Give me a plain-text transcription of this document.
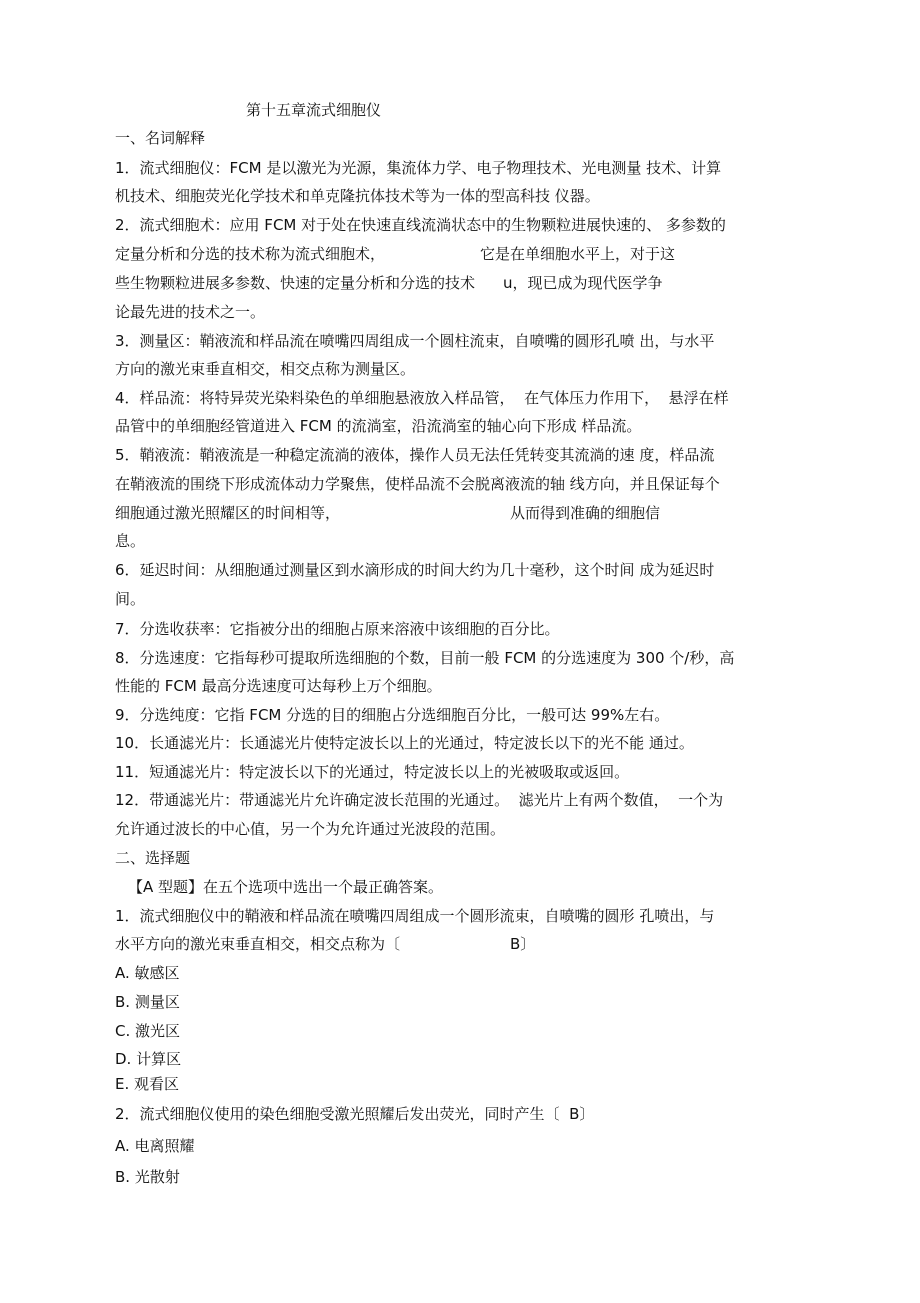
第十五章流式细胞仪
一、名词解释
1．流式细胞仪：FCM 是以激光为光源，集流体力学、电子物理技术、光电测量 技术、计算
机技术、细胞荧光化学技术和单克隆抗体技术等为一体的型高科技 仪器。
2．流式细胞术：应用 FCM 对于处在快速直线流淌状态中的生物颗粒进展快速的、 多参数的
定量分析和分选的技术称为流式细胞术，	它是在单细胞水平上，对于这
些生物颗粒进展多参数、快速的定量分析和分选的技术 u，现已成为现代医学争
论最先进的技术之一。
3．测量区：鞘液流和样品流在喷嘴四周组成一个圆柱流束，自喷嘴的圆形孔喷 出，与水平
方向的激光束垂直相交，相交点称为测量区。
4．样品流：将特异荧光染料染色的单细胞悬液放入样品管，  在气体压力作用下，  悬浮在样
品管中的单细胞经管道进入 FCM 的流淌室，沿流淌室的轴心向下形成 样品流。
5．鞘液流：鞘液流是一种稳定流淌的液体，操作人员无法任凭转变其流淌的速 度，样品流
在鞘液流的围绕下形成流体动力学聚焦，使样品流不会脱离液流的轴 线方向，并且保证每个
细胞通过激光照耀区的时间相等，	从而得到准确的细胞信
息。
6．延迟时间：从细胞通过测量区到水滴形成的时间大约为几十毫秒，这个时间 成为延迟时
间。
7．分选收获率：它指被分出的细胞占原来溶液中该细胞的百分比。
8．分选速度：它指每秒可提取所选细胞的个数，目前一般 FCM 的分选速度为 300 个/秒，高
性能的 FCM 最高分选速度可达每秒上万个细胞。
9．分选纯度：它指 FCM 分选的目的细胞占分选细胞百分比，一般可达 99%左右。
10．长通滤光片：长通滤光片使特定波长以上的光通过，特定波长以下的光不能 通过。
11．短通滤光片：特定波长以下的光通过，特定波长以上的光被吸取或返回。
12．带通滤光片：带通滤光片允许确定波长范围的光通过。  滤光片上有两个数值，  一个为
允许通过波长的中心值，另一个为允许通过光波段的范围。
二、选择题
【A 型题】在五个选项中选出一个最正确答案。
1．流式细胞仪中的鞘液和样品流在喷嘴四周组成一个圆形流束，自喷嘴的圆形 孔喷出，与
水平方向的激光束垂直相交，相交点称为〔	B〕
A. 敏感区
B. 测量区
C. 激光区
D. 计算区
E. 观看区
2．流式细胞仪使用的染色细胞受激光照耀后发出荧光，同时产生〔  B〕
A. 电离照耀
B. 光散射
